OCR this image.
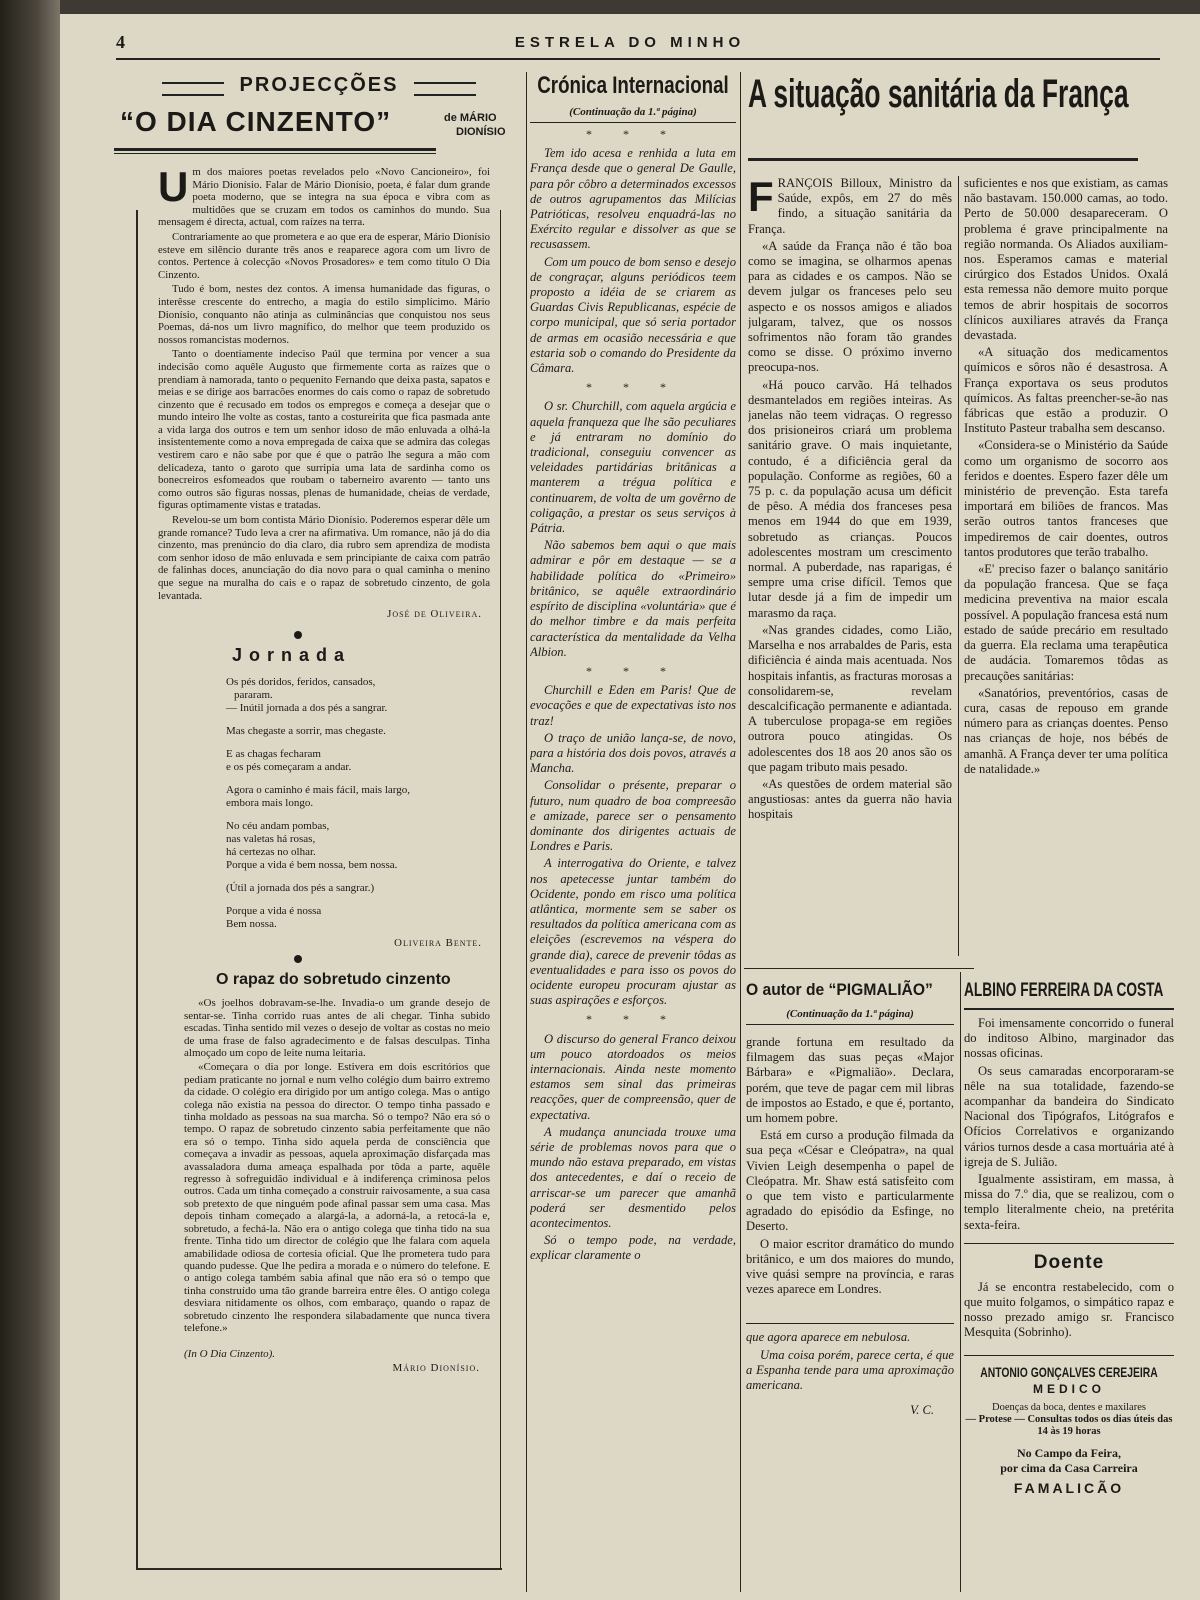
4	ESTRELA DO MINHO
PROJECÇÕES
“O DIA CINZENTO”	de MÁRIO
DIONÍSIO
U m dos maiores poetas revelados pelo «Novo Cancioneiro», foi Mário Dionísio. Falar de Mário Dionísio, poeta, é falar dum grande poeta moderno, que se integra na sua época e vibra com as multidões que se cruzam em todos os caminhos do mundo. Sua mensagem é directa, actual, com raízes na terra.

Contrariamente ao que prometera e ao que era de esperar, Mário Dionísio esteve em silêncio durante três anos e reaparece agora com um livro de contos. Pertence à colecção «Novos Prosadores» e tem como título O Dia Cinzento.

Tudo é bom, nestes dez contos. A imensa humanidade das figuras, o interêsse crescente do entrecho, a magia do estilo simplícimo. Mário Dionísio, conquanto não atinja as culminâncias que conquistou nos seus Poemas, dá-nos um livro magnífico, do melhor que teem produzido os nossos romancistas modernos.

Tanto o doentiamente indeciso Paúl que termina por vencer a sua indecisão como aquêle Augusto que firmemente corta as raízes que o prendiam à namorada, tanto o pequenito Fernando que deixa pasta, sapatos e meias e se dirige aos barracões enormes do cais como o rapaz de sobretudo cinzento que é recusado em todos os empregos e começa a desejar que o mundo inteiro lhe volte as costas, tanto a costureirita que fica pasmada ante a vida larga dos outros e tem um senhor idoso de mão enluvada a olhá-la insistentemente como a nova empregada de caixa que se admira das colegas vestirem caro e não sabe por que é que o patrão lhe segura a mão com delicadeza, tanto o garoto que surripia uma lata de sardinha como os bonecreiros esfomeados que roubam o taberneiro avarento — tanto uns como outros são figuras nossas, plenas de humanidade, cheias de verdade, figuras optimamente vistas e tratadas.

Revelou-se um bom contista Mário Dionísio. Poderemos esperar dêle um grande romance? Tudo leva a crer na afirmativa. Um romance, não já do dia cinzento, mas prenúncio do dia claro, dia rubro sem aprendiza de modista com senhor idoso de mão enluvada e sem principiante de caixa com patrão de falinhas doces, anunciação do dia novo para o qual caminha o menino que segue na muralha do cais e o rapaz de sobretudo cinzento, de gola levantada.

José de Oliveira.

Jornada
Os pés doridos, feridos, cansados,
pararam.
— Inútil jornada a dos pés a sangrar.
Mas chegaste a sorrir, mas chegaste.
E as chagas fecharam
e os pés começaram a andar.
Agora o caminho é mais fácil, mais largo,
embora mais longo.
No céu andam pombas,
nas valetas há rosas,
há certezas no olhar.
Porque a vida é bem nossa, bem nossa.
(Útil a jornada dos pés a sangrar.)
Porque a vida é nossa
Bem nossa.

Oliveira Bente.

O rapaz do sobretudo cinzento

«Os joelhos dobravam-se-lhe. Invadia-o um grande desejo de sentar-se. Tinha corrido ruas antes de ali chegar. Tinha subido escadas. Tinha sentido mil vezes o desejo de voltar as costas no meio de uma frase de falso agradecimento e de falsas desculpas. Tinha almoçado um copo de leite numa leitaria.

«Começara o dia por longe. Estivera em dois escritórios que pediam praticante no jornal e num velho colégio dum bairro extremo da cidade. O colégio era dirigido por um antigo colega. Mas o antigo colega não existia na pessoa do director. O tempo tinha passado e tinha moldado as pessoas na sua marcha. Só o tempo? Não era só o tempo. O rapaz de sobretudo cinzento sabia perfeitamente que não era só o tempo. Tinha sido aquela perda de consciência que começava a invadir as pessoas, aquela aproximação disfarçada mas avassaladora duma ameaça espalhada por tôda a parte, aquêle regresso à sofreguidão individual e à indiferença criminosa pelos outros. Cada um tinha começado a construir raivosamente, a sua casa sob pretexto de que ninguém pode afinal passar sem uma casa. Mas depois tinham começado a alargá-la, a adorná-la, a retocá-la e, sobretudo, a fechá-la. Não era o antigo colega que tinha tido na sua frente. Tinha tido um director de colégio que lhe falara com aquela amabilidade odiosa de cortesia oficial. Que lhe prometera tudo para quando pudesse. Que lhe pedira a morada e o número do telefone. E o antigo colega também sabia afinal que não era só o tempo que tinha construído uma tão grande barreira entre êles. O antigo colega desviara nitidamente os olhos, com embaraço, quando o rapaz de sobretudo cinzento lhe respondera silabadamente que nunca tivera telefone.»

(In O Dia Cinzento).
Mário Dionísio.
Crónica Internacional
(Continuação da 1.ª página)
* * *

Tem ido acesa e renhida a luta em França desde que o general De Gaulle, para pôr côbro a determinados excessos de outros agrupamentos das Milícias Patrióticas, resolveu enquadrá-las no Exército regular e dissolver as que se recusassem.

Com um pouco de bom senso e desejo de congraçar, alguns periódicos teem proposto a idéia de se criarem as Guardas Civis Republicanas, espécie de corpo municipal, que só seria portador de armas em ocasião necessária e que estaria sob o comando do Presidente da Câmara.

* * *

O sr. Churchill, com aquela argúcia e aquela franqueza que lhe são peculiares e já entraram no domínio do tradicional, conseguiu convencer as veleidades partidárias britânicas a manterem a trégua política e continuarem, de volta de um govêrno de coligação, a prestar os seus serviços à Pátria.

Não sabemos bem aqui o que mais admirar e pôr em destaque — se a habilidade política do «Primeiro» britânico, se aquêle extraordinário espírito de disciplina «voluntária» que é do melhor timbre e da mais perfeita característica da mentalidade da Velha Albion.

* * *

Churchill e Eden em Paris! Que de evocações e que de expectativas isto nos traz!

O traço de união lança-se, de novo, para a história dos dois povos, através a Mancha.

Consolidar o présente, preparar o futuro, num quadro de boa compreesão e amizade, parece ser o pensamento dominante dos dirigentes actuais de Londres e Paris.

A interrogativa do Oriente, e talvez nos apetecesse juntar também do Ocidente, pondo em risco uma política atlântica, mormente sem se saber os resultados da política americana com as eleições (escrevemos na véspera do grande dia), carece de prevenir tôdas as eventualidades e para isso os povos do ocidente europeu procuram ajustar as suas aspirações e esforços.

* * *

O discurso do general Franco deixou um pouco atordoados os meios internacionais. Ainda neste momento estamos sem sinal das primeiras reacções, quer de compreensão, quer de expectativa.

A mudança anunciada trouxe uma série de problemas novos para que o mundo não estava preparado, em vistas dos antecedentes, e daí o receio de arriscar-se um parecer que amanhã poderá ser desmentido pelos acontecimentos.

Só o tempo pode, na verdade, explicar claramente o

A situação sanitária da França
F RANÇOIS Billoux, Ministro da Saúde, expôs, em 27 do mês findo, a situação sanitária da França.

«A saúde da França não é tão boa como se imagina, se olharmos apenas para as cidades e os campos. Não se devem julgar os franceses pelo seu aspecto e os nossos amigos e aliados julgaram, talvez, que os nossos sofrimentos não foram tão grandes como se disse. O próximo inverno preocupa-nos.

«Há pouco carvão. Há telhados desmantelados em regiões inteiras. As janelas não teem vidraças. O regresso dos prisioneiros criará um problema sanitário grave. O mais inquietante, contudo, é a dificiência geral da população. Conforme as regiões, 60 a 75 p. c. da população acusa um déficit de pêso. A média dos franceses pesa menos em 1944 do que em 1939, sobretudo as crianças. Poucos adolescentes mostram um crescimento normal. A puberdade, nas raparigas, é sempre uma crise difícil. Temos que lutar desde já a fim de impedir um marasmo da raça.

«Nas grandes cidades, como Lião, Marselha e nos arrabaldes de Paris, esta dificiência é ainda mais acentuada. Nos hospitais infantis, as fracturas morosas a consolidarem-se, revelam descalcificação permanente e adiantada. A tuberculose propaga-se em regiões outrora pouco atingidas. Os adolescentes dos 18 aos 20 anos são os que pagam tributo mais pesado.

«As questões de ordem material são angustiosas: antes da guerra não havia hospitais

suficientes e nos que existiam, as camas não bastavam. 150.000 camas, ao todo. Perto de 50.000 desapareceram. O problema é grave principalmente na região normanda. Os Aliados auxiliam-nos. Esperamos camas e material cirúrgico dos Estados Unidos. Oxalá esta remessa não demore muito porque temos de abrir hospitais de socorros clínicos auxiliares através da França devastada.

«A situação dos medicamentos químicos e sôros não é desastrosa. A França exportava os seus produtos químicos. As faltas preencher-se-ão nas fábricas que estão a produzir. O Instituto Pasteur trabalha sem descanso.

«Considera-se o Ministério da Saúde como um organismo de socorro aos feridos e doentes. Espero fazer dêle um ministério de prevenção. Esta tarefa importará em biliões de francos. Mas serão outros tantos franceses que impediremos de cair doentes, outros tantos produtores que terão trabalho.

«E' preciso fazer o balanço sanitário da população francesa. Que se faça medicina preventiva na maior escala possível. A população francesa está num estado de saúde precário em resultado da guerra. Ela reclama uma terapêutica de audácia. Tomaremos tôdas as precauções sanitárias:

«Sanatórios, preventórios, casas de cura, casas de repouso em grande número para as crianças doentes. Penso nas crianças de hoje, nos bébés de amanhã. A França dever ter uma política de natalidade.»

O autor de “PIGMALIÃO”
(Continuação da 1.ª página)

grande fortuna em resultado da filmagem das suas peças «Major Bárbara» e «Pigmalião». Declara, porém, que teve de pagar cem mil libras de impostos ao Estado, e que é, portanto, um homem pobre.

Está em curso a produção filmada da sua peça «César e Cleópatra», na qual Vivien Leigh desempenha o papel de Cleópatra. Mr. Shaw está satisfeito com o que tem visto e particularmente agradado do episódio da Esfinge, no Deserto.

O maior escritor dramático do mundo britânico, e um dos maiores do mundo, vive quási sempre na província, e raras vezes aparece em Londres.

que agora aparece em nebulosa.

Uma coisa porém, parece certa, é que a Espanha tende para uma aproximação americana.

V. C.

ALBINO FERREIRA DA COSTA

Foi imensamente concorrido o funeral do inditoso Albino, marginador das nossas oficinas.

Os seus camaradas encorporaram-se nêle na sua totalidade, fazendo-se acompanhar da bandeira do Sindicato Nacional dos Tipógrafos, Litógrafos e Ofícios Correlativos e organizando vários turnos desde a casa mortuária até à igreja de S. Julião.

Igualmente assistiram, em massa, à missa do 7.º dia, que se realizou, com o templo literalmente cheio, na pretérita sexta-feira.

Doente

Já se encontra restabelecido, com o que muito folgamos, o simpático rapaz e nosso prezado amigo sr. Francisco Mesquita (Sobrinho).

ANTONIO GONÇALVES CEREJEIRA
MEDICO
Doenças da boca, dentes e maxilares
— Protese — Consultas todos os dias úteis das 14 às 19 horas
No Campo da Feira,
por cima da Casa Carreira
FAMALICÃO
